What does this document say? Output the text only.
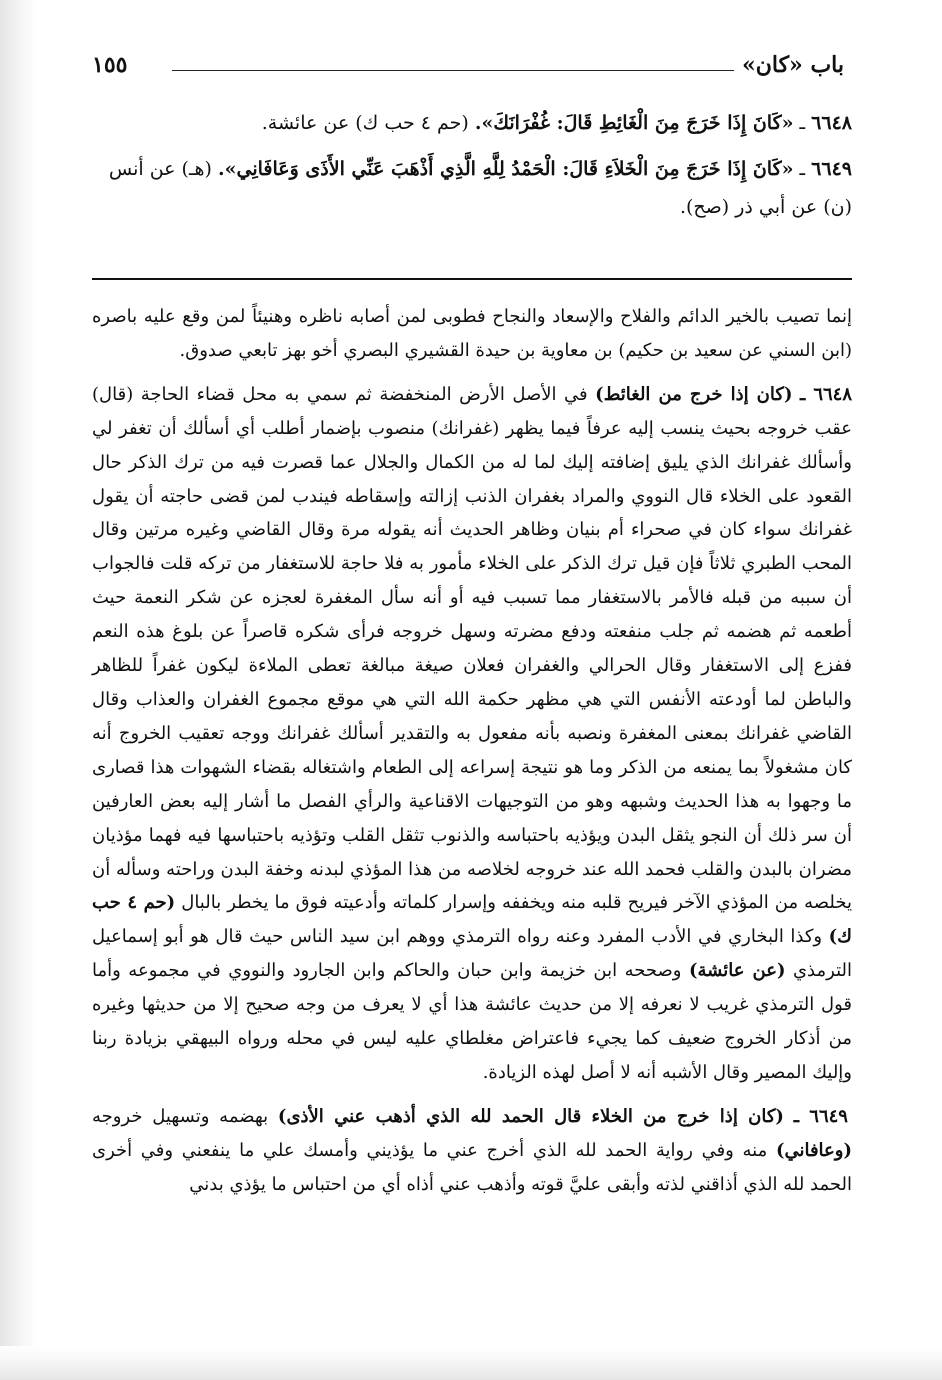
باب «كان»
١٥٥

٦٦٤٨ ـ «كَانَ إِذَا خَرَجَ مِنَ الْغَائِطِ قَالَ: غُفْرَانَكَ». (حم ٤ حب ك) عن عائشة.

٦٦٤٩ ـ «كَانَ إِذَا خَرَجَ مِنَ الْخَلاَءِ قَالَ: الْحَمْدُ لِلَّهِ الَّذِي أَذْهَبَ عَنِّي الأَذَى وَعَافَانِي». (هـ) عن أنس (ن) عن أبي ذر (صح).

إنما تصيب بالخير الدائم والفلاح والإسعاد والنجاح فطوبى لمن أصابه ناظره وهنيئاً لمن وقع عليه باصره (ابن السني عن سعيد بن حكيم) بن معاوية بن حيدة القشيري البصري أخو بهز تابعي صدوق.

٦٦٤٨ ـ (كان إذا خرج من الغائط) في الأصل الأرض المنخفضة ثم سمي به محل قضاء الحاجة (قال) عقب خروجه بحيث ينسب إليه عرفاً فيما يظهر (غفرانك) منصوب بإضمار أطلب أي أسألك أن تغفر لي وأسألك غفرانك الذي يليق إضافته إليك لما له من الكمال والجلال عما قصرت فيه من ترك الذكر حال القعود على الخلاء قال النووي والمراد بغفران الذنب إزالته وإسقاطه فيندب لمن قضى حاجته أن يقول غفرانك سواء كان في صحراء أم بنيان وظاهر الحديث أنه يقوله مرة وقال القاضي وغيره مرتين وقال المحب الطبري ثلاثاً فإن قيل ترك الذكر على الخلاء مأمور به فلا حاجة للاستغفار من تركه قلت فالجواب أن سببه من قبله فالأمر بالاستغفار مما تسبب فيه أو أنه سأل المغفرة لعجزه عن شكر النعمة حيث أطعمه ثم هضمه ثم جلب منفعته ودفع مضرته وسهل خروجه فرأى شكره قاصراً عن بلوغ هذه النعم ففزع إلى الاستغفار وقال الحرالي والغفران فعلان صيغة مبالغة تعطى الملاءة ليكون غفراً للظاهر والباطن لما أودعته الأنفس التي هي مظهر حكمة الله التي هي موقع مجموع الغفران والعذاب وقال القاضي غفرانك بمعنى المغفرة ونصبه بأنه مفعول به والتقدير أسألك غفرانك ووجه تعقيب الخروج أنه كان مشغولاً بما يمنعه من الذكر وما هو نتيجة إسراعه إلى الطعام واشتغاله بقضاء الشهوات هذا قصارى ما وجهوا به هذا الحديث وشبهه وهو من التوجيهات الاقناعية والرأي الفصل ما أشار إليه بعض العارفين أن سر ذلك أن النجو يثقل البدن ويؤذيه باحتباسه والذنوب تثقل القلب وتؤذيه باحتباسها فيه فهما مؤذيان مضران بالبدن والقلب فحمد الله عند خروجه لخلاصه من هذا المؤذي لبدنه وخفة البدن وراحته وسأله أن يخلصه من المؤذي الآخر فيريح قلبه منه ويخففه وإسرار كلماته وأدعيته فوق ما يخطر بالبال (حم ٤ حب ك) وكذا البخاري في الأدب المفرد وعنه رواه الترمذي ووهم ابن سيد الناس حيث قال هو أبو إسماعيل الترمذي (عن عائشة) وصححه ابن خزيمة وابن حبان والحاكم وابن الجارود والنووي في مجموعه وأما قول الترمذي غريب لا نعرفه إلا من حديث عائشة هذا أي لا يعرف من وجه صحيح إلا من حديثها وغيره من أذكار الخروج ضعيف كما يجيء فاعتراض مغلطاي عليه ليس في محله ورواه البيهقي بزيادة ربنا وإليك المصير وقال الأشبه أنه لا أصل لهذه الزيادة.

٦٦٤٩ ـ (كان إذا خرج من الخلاء قال الحمد لله الذي أذهب عني الأذى) بهضمه وتسهيل خروجه (وعافاني) منه وفي رواية الحمد لله الذي أخرج عني ما يؤذيني وأمسك علي ما ينفعني وفي أخرى الحمد لله الذي أذاقني لذته وأبقى عليَّ قوته وأذهب عني أذاه أي من احتباس ما يؤذي بدني
